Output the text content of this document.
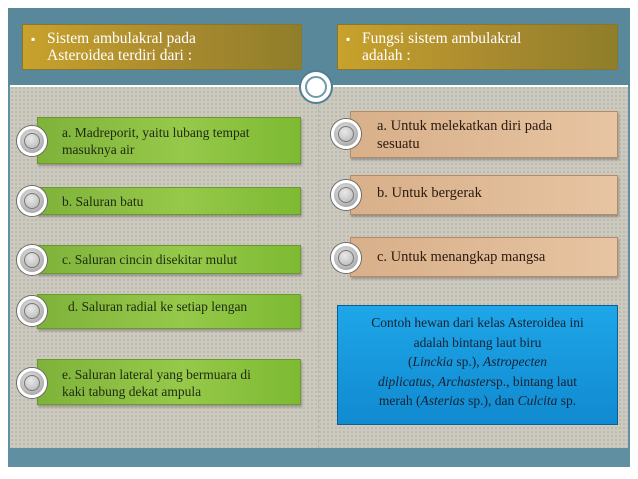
▪ Sistem ambulakral pada
Asteroidea terdiri dari :
▪ Fungsi sistem ambulakral
adalah :
a. Madreporit, yaitu lubang tempat
masuknya air
b. Saluran batu
c. Saluran cincin disekitar mulut
d. Saluran radial ke setiap lengan
e. Saluran lateral yang bermuara di
kaki tabung dekat ampula
a. Untuk melekatkan diri pada
sesuatu
b. Untuk bergerak
c. Untuk menangkap mangsa
Contoh hewan dari kelas Asteroidea ini
adalah bintang laut biru
(Linckia sp.), Astropecten
diplicatus, Archastersp., bintang laut
merah (Asterias sp.), dan Culcita sp.
